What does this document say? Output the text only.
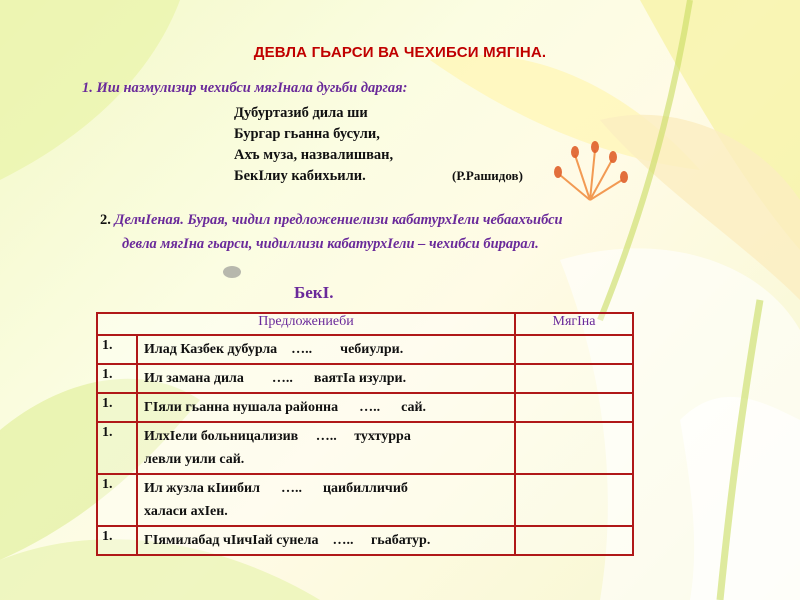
ДЕВЛА ГЬАРСИ ВА ЧЕХИБСИ МЯГIНА.
1. Иш назмулизир чехибси мягIнала дугьби даргая:
Дубуртазиб дила ши
Бургар гьанна бусули,
Ахъ муза, назвалишван,
БекIлиу кабихьили.	(Р.Рашидов)
2. ДелчIеная. Бурая, чидил предложениелизи кабатурхIели чебаахъибси
девла мягIна гьарси, чидиллизи кабатурхIели – чехибси бирарал.
БекI.
Предложениеби		МягIна
1.	Илад Казбек дубурла    …..        чебиулри.	

1.	Ил замана дила        …..      ваятIа изулри.	

1.	ГIяли гьанна нушала районна      …..      сай.	

1.	ИлхIели больницализив     …..     тухтурра
левли уили сай.	

1.	Ил жузла кIиибил      …..      цаибилличиб
халаси ахIен.	

1.	ГIямилабад чIичIай сунела    …..     гьабатур.	
